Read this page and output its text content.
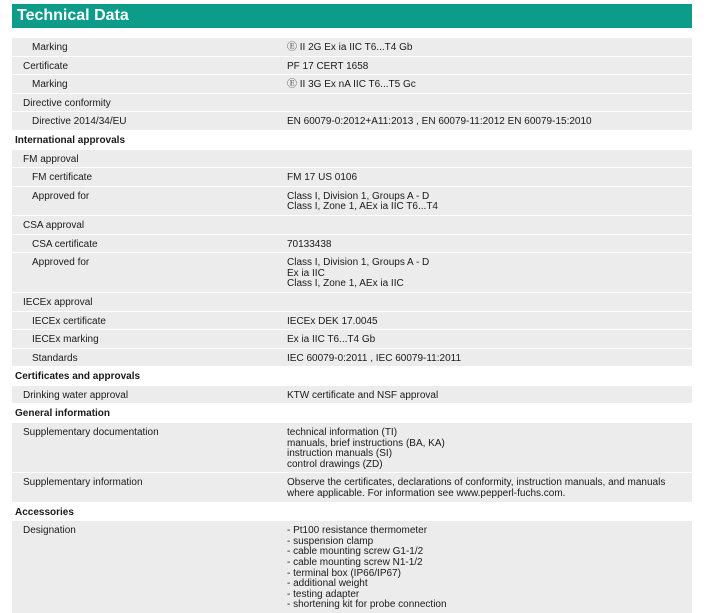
Technical Data
Marking	Ⓔ II 2G Ex ia IIC T6...T4 Gb
Certificate	PF 17 CERT 1658
Marking	Ⓔ II 3G Ex nA IIC T6...T5 Gc
Directive conformity

Directive 2014/34/EU	EN 60079-0:2012+A11:2013 , EN 60079-11:2012 EN 60079-15:2010
International approvals
FM approval

FM certificate	FM 17 US 0106
Approved for	Class I, Division 1, Groups A - D
Class I, Zone 1, AEx ia IIC T6...T4
CSA approval

CSA certificate	70133438
Approved for	Class I, Division 1, Groups A - D
Ex ia IIC
Class I, Zone 1, AEx ia IIC
IECEx approval

IECEx certificate	IECEx DEK 17.0045
IECEx marking	Ex ia IIC T6...T4 Gb
Standards	IEC 60079-0:2011 , IEC 60079-11:2011
Certificates and approvals
Drinking water approval	KTW certificate and NSF approval
General information
Supplementary documentation	technical information (TI)
manuals, brief instructions (BA, KA)
instruction manuals (SI)
control drawings (ZD)
Supplementary information	Observe the certificates, declarations of conformity, instruction manuals, and manuals
where applicable. For information see www.pepperl-fuchs.com.
Accessories
Designation	- Pt100 resistance thermometer
- suspension clamp
- cable mounting screw G1-1/2
- cable mounting screw N1-1/2
- terminal box (IP66/IP67)
- additional weight
- testing adapter
- shortening kit for probe connection
